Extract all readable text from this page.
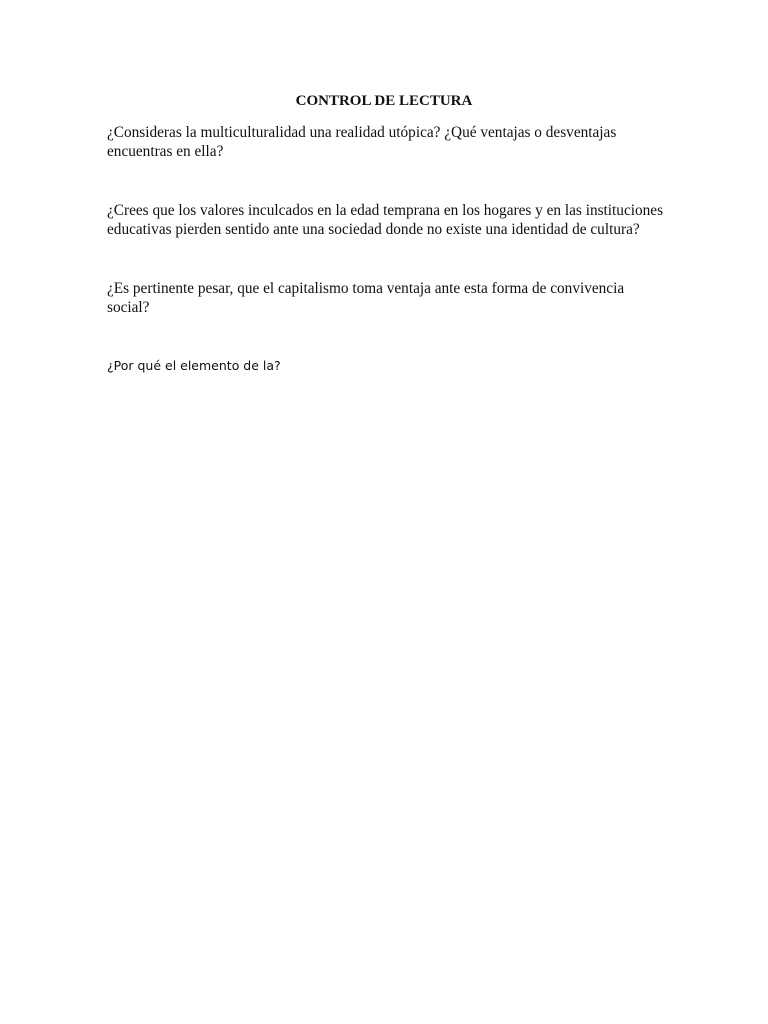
CONTROL DE LECTURA

¿Consideras la multiculturalidad una realidad utópica? ¿Qué ventajas o desventajas
encuentras en ella?

¿Crees que los valores inculcados en la edad temprana en los hogares y en las instituciones
educativas pierden sentido ante una sociedad donde no existe una identidad de cultura?

¿Es pertinente pesar, que el capitalismo toma ventaja ante esta forma de convivencia
social?

¿Por qué el elemento de la?
